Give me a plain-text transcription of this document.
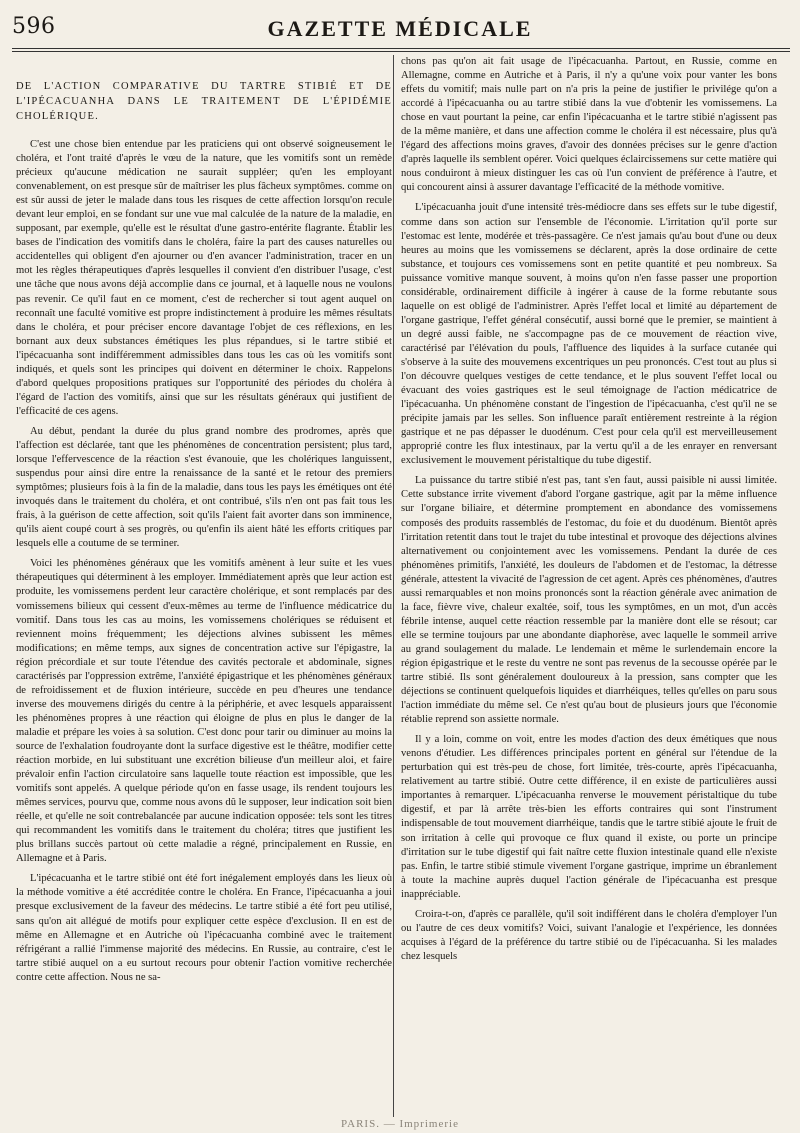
596	GAZETTE MÉDICALE
DE L'ACTION COMPARATIVE DU TARTRE STIBIÉ ET DE L'IPÉCACUANHA DANS LE TRAITEMENT DE L'ÉPIDÉMIE CHOLÉRIQUE.

C'est une chose bien entendue par les praticiens qui ont observé soigneusement le choléra, et l'ont traité d'après le vœu de la nature, que les vomitifs sont un remède précieux qu'aucune médication ne saurait suppléer; qu'en les employant convenablement, on est presque sûr de maîtriser les plus fâcheux symptômes. comme on est sûr aussi de jeter le malade dans tous les risques de cette affection lorsqu'on recule devant leur emploi, en se fondant sur une vue mal calculée de la nature de la maladie, en supposant, par exemple, qu'elle est le résultat d'une gastro-entérite flagrante. Établir les bases de l'indication des vomitifs dans le choléra, faire la part des causes naturelles ou accidentelles qui obligent d'en ajourner ou d'en avancer l'administration, tracer en un mot les règles thérapeutiques d'après lesquelles il convient d'en distribuer l'usage, c'est une tâche que nous avons déjà accomplie dans ce journal, et à laquelle nous ne voulons pas revenir. Ce qu'il faut en ce moment, c'est de rechercher si tout agent auquel on reconnaît une faculté vomitive est propre indistinctement à produire les mêmes résultats dans le choléra, et pour préciser encore davantage l'objet de ces réflexions, en les bornant aux deux substances émétiques les plus répandues, si le tartre stibié et l'ipécacuanha sont indifféremment admissibles dans tous les cas où les vomitifs sont indiqués, et quels sont les principes qui doivent en déterminer le choix. Rappelons d'abord quelques propositions pratiques sur l'opportunité des périodes du choléra à l'égard de l'action des vomitifs, ainsi que sur les résultats généraux qui justifient de l'efficacité de ces agens.

Au début, pendant la durée du plus grand nombre des prodromes, après que l'affection est déclarée, tant que les phénomènes de concentration persistent; plus tard, lorsque l'effervescence de la réaction s'est évanouie, que les cholériques languissent, suspendus pour ainsi dire entre la renaissance de la santé et le retour des premiers symptômes; plusieurs fois à la fin de la maladie, dans tous les pays les émétiques ont été invoqués dans le traitement du choléra, et ont contribué, s'ils n'en ont pas fait tous les frais, à la guérison de cette affection, soit qu'ils l'aient fait avorter dans son imminence, qu'ils aient coupé court à ses progrès, ou qu'enfin ils aient hâté les efforts critiques par lesquels elle a coutume de se terminer.

Voici les phénomènes généraux que les vomitifs amènent à leur suite et les vues thérapeutiques qui déterminent à les employer. Immédiatement après que leur action est produite, les vomissemens perdent leur caractère cholérique, et sont remplacés par des vomissemens bilieux qui cessent d'eux-mêmes au terme de l'influence médicatrice du vomitif. Dans tous les cas au moins, les vomissemens cholériques se réduisent et reviennent moins fréquemment; les déjections alvines subissent les mêmes modifications; en même temps, aux signes de concentration active sur l'épigastre, la région précordiale et sur toute l'étendue des cavités pectorale et abdominale, signes caractérisés par l'oppression extrême, l'anxiété épigastrique et les phénomènes généraux de refroidissement et de fluxion intérieure, succède en peu d'heures une tendance inverse des mouvemens dirigés du centre à la périphérie, et avec lesquels apparaissent les phénomènes propres à une réaction qui éloigne de plus en plus le danger de la maladie et prépare les voies à sa solution. C'est donc pour tarir ou diminuer au moins la source de l'exhalation foudroyante dont la surface digestive est le théâtre, modifier cette réaction morbide, en lui substituant une excrétion bilieuse d'un meilleur aloi, et faire prévaloir enfin l'action circulatoire sans laquelle toute réaction est impossible, que les vomitifs sont appelés. A quelque période qu'on en fasse usage, ils rendent toujours les mêmes services, pourvu que, comme nous avons dû le supposer, leur indication soit bien réelle, et qu'elle ne soit contrebalancée par aucune indication opposée: tels sont les titres qui recommandent les vomitifs dans le traitement du choléra; titres que justifient les plus brillans succès partout où cette maladie a régné, principalement en Russie, en Allemagne et à Paris.

L'ipécacuanha et le tartre stibié ont été fort inégalement employés dans les lieux où la méthode vomitive a été accréditée contre le choléra. En France, l'ipécacuanha a joui presque exclusivement de la faveur des médecins. Le tartre stibié a été fort peu utilisé, sans qu'on ait allégué de motifs pour expliquer cette espèce d'exclusion. Il en est de même en Allemagne et en Autriche où l'ipécacuanha combiné avec le traitement réfrigérant a rallié l'immense majorité des médecins. En Russie, au contraire, c'est le tartre stibié auquel on a eu surtout recours pour obtenir l'action vomitive recherchée contre cette affection. Nous ne sa-

chons pas qu'on ait fait usage de l'ipécacuanha. Partout, en Russie, comme en Allemagne, comme en Autriche et à Paris, il n'y a qu'une voix pour vanter les bons effets du vomitif; mais nulle part on n'a pris la peine de justifier le privilége qu'on a accordé à l'ipécacuanha ou au tartre stibié dans la vue d'obtenir les vomissemens. La chose en vaut pourtant la peine, car enfin l'ipécacuanha et le tartre stibié n'agissent pas de la même manière, et dans une affection comme le choléra il est nécessaire, plus qu'à l'égard des affections moins graves, d'avoir des données précises sur le genre d'action d'après laquelle ils semblent opérer. Voici quelques éclaircissemens sur cette matière qui nous conduiront à mieux distinguer les cas où l'un convient de préférence à l'autre, et qui concourent ainsi à assurer davantage l'efficacité de la méthode vomitive.

L'ipécacuanha jouit d'une intensité très-médiocre dans ses effets sur le tube digestif, comme dans son action sur l'ensemble de l'économie. L'irritation qu'il porte sur l'estomac est lente, modérée et très-passagère. Ce n'est jamais qu'au bout d'une ou deux heures au moins que les vomissemens se déclarent, après la dose ordinaire de cette substance, et toujours ces vomissemens sont en petite quantité et peu nombreux. Sa puissance vomitive manque souvent, à moins qu'on n'en fasse passer une proportion considérable, ordinairement difficile à ingérer à cause de la forme rebutante sous laquelle on est obligé de l'administrer. Après l'effet local et limité au département de l'organe gastrique, l'effet général consécutif, aussi borné que le premier, se maintient à un degré aussi faible, ne s'accompagne pas de ce mouvement de réaction vive, caractérisé par l'élévation du pouls, l'affluence des liquides à la surface cutanée qui s'observe à la suite des mouvemens excentriques un peu prononcés. C'est tout au plus si l'on découvre quelques vestiges de cette tendance, et le plus souvent l'effet local ou évacuant des voies gastriques est le seul témoignage de l'action médicatrice de l'ipécacuanha. Un phénomène constant de l'ingestion de l'ipécacuanha, c'est qu'il ne se précipite jamais par les selles. Son influence paraît entièrement restreinte à la région gastrique et ne pas dépasser le duodénum. C'est pour cela qu'il est merveilleusement approprié contre les flux intestinaux, par la vertu qu'il a de les enrayer en renversant exclusivement le mouvement péristaltique du tube digestif.

La puissance du tartre stibié n'est pas, tant s'en faut, aussi paisible ni aussi limitée. Cette substance irrite vivement d'abord l'organe gastrique, agit par la même influence sur l'organe biliaire, et détermine promptement en abondance des vomissemens composés des produits rassemblés de l'estomac, du foie et du duodénum. Bientôt après l'irritation retentit dans tout le trajet du tube intestinal et provoque des déjections alvines alternativement ou conjointement avec les vomissemens. Pendant la durée de ces phénomènes primitifs, l'anxiété, les douleurs de l'abdomen et de l'estomac, la détresse générale, attestent la vivacité de l'agression de cet agent. Après ces phénomènes, d'autres aussi remarquables et non moins prononcés sont la réaction générale avec animation de la face, fièvre vive, chaleur exaltée, soif, tous les symptômes, en un mot, d'un accès fébrile intense, auquel cette réaction ressemble par la manière dont elle se résout; car elle se termine toujours par une abondante diaphorèse, avec laquelle le sommeil arrive au grand soulagement du malade. Le lendemain et même le surlendemain encore la région épigastrique et le reste du ventre ne sont pas revenus de la secousse opérée par le tartre stibié. Ils sont généralement douloureux à la pression, sans compter que les déjections se continuent quelquefois liquides et diarrhéiques, telles qu'elles on paru sous l'action immédiate du même sel. Ce n'est qu'au bout de plusieurs jours que l'économie rétablie reprend son assiette normale.

Il y a loin, comme on voit, entre les modes d'action des deux émétiques que nous venons d'étudier. Les différences principales portent en général sur l'étendue de la perturbation qui est très-peu de chose, fort limitée, très-courte, après l'ipécacuanha, relativement au tartre stibié. Outre cette différence, il en existe de particulières aussi importantes à remarquer. L'ipécacuanha renverse le mouvement péristaltique du tube digestif, et par là arrête très-bien les efforts contraires qui sont l'instrument indispensable de tout mouvement diarrhéique, tandis que le tartre stibié ajoute le fruit de son irritation à celle qui provoque ce flux quand il existe, ou porte un principe d'irritation sur le tube digestif qui fait naître cette fluxion intestinale quand elle n'existe pas. Enfin, le tartre stibié stimule vivement l'organe gastrique, imprime un ébranlement à toute la machine auprès duquel l'action générale de l'ipécacuanha est presque inappréciable.

Croira-t-on, d'après ce parallèle, qu'il soit indifférent dans le choléra d'employer l'un ou l'autre de ces deux vomitifs? Voici, suivant l'analogie et l'expérience, les données acquises à l'égard de la préférence du tartre stibié ou de l'ipécacuanha. Si les malades chez lesquels

PARIS. — Imprimerie
